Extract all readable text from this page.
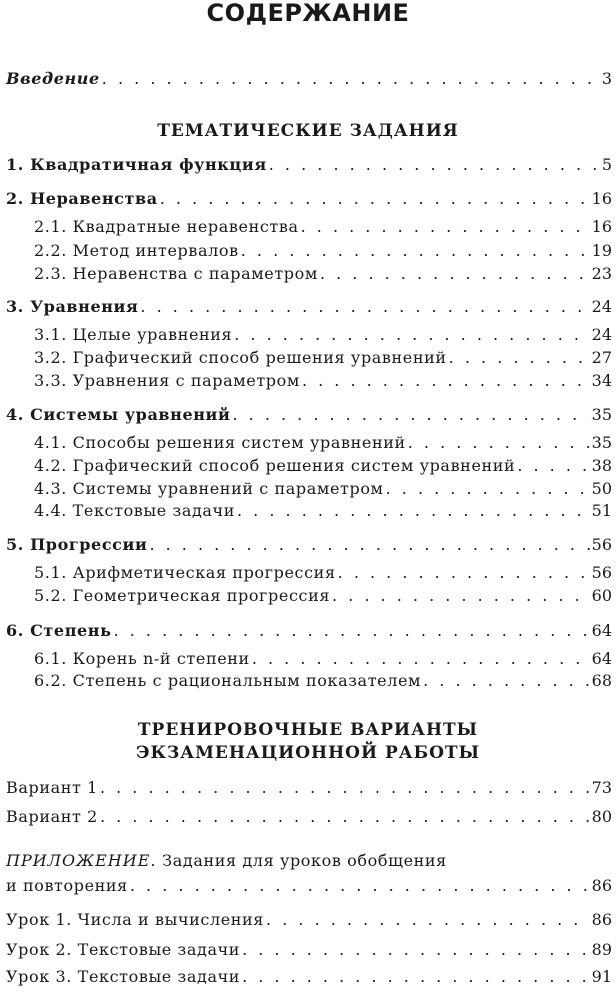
СОДЕРЖАНИЕ
Введение . . .	3
ТЕМАТИЧЕСКИЕ ЗАДАНИЯ
1. Квадратичная функция . . .	5
2. Неравенства . . .	16
2.1. Квадратные неравенства . . .	16
2.2. Метод интервалов . . .	19
2.3. Неравенства с параметром . . .	23
3. Уравнения . . .	24
3.1. Целые уравнения . . .	24
3.2. Графический способ решения уравнений . . .	27
3.3. Уравнения с параметром . . .	34
4. Системы уравнений . . .	35
4.1. Способы решения систем уравнений . . .	35
4.2. Графический способ решения систем уравнений . . .	38
4.3. Системы уравнений с параметром . . .	50
4.4. Текстовые задачи . . .	51
5. Прогрессии . . .	56
5.1. Арифметическая прогрессия . . .	56
5.2. Геометрическая прогрессия . . .	60
6. Степень . . .	64
6.1. Корень n-й степени . . .	64
6.2. Степень с рациональным показателем . . .	68
ТРЕНИРОВОЧНЫЕ ВАРИАНТЫ
ЭКЗАМЕНАЦИОННОЙ РАБОТЫ
Вариант 1 . . .	73
Вариант 2 . . .	80
ПРИЛОЖЕНИЕ. Задания для уроков обобщения
и повторения . . .	86
Урок 1. Числа и вычисления . . .	86
Урок 2. Текстовые задачи . . .	89
Урок 3. Текстовые задачи . . .	91
